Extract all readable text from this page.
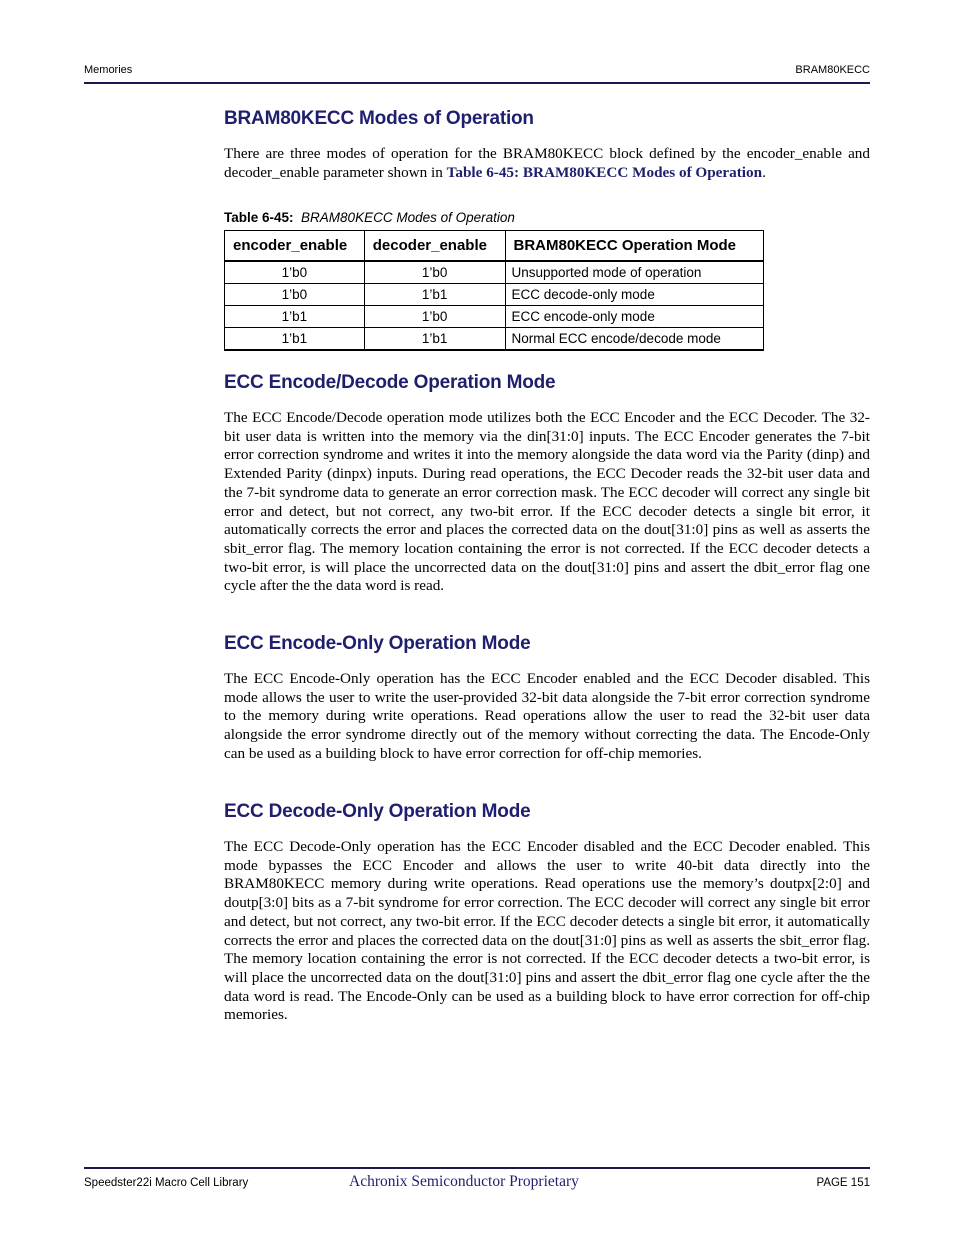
Memories	BRAM80KECC
BRAM80KECC Modes of Operation

There are three modes of operation for the BRAM80KECC block defined by the encoder_enable and decoder_enable parameter shown in Table 6-45: BRAM80KECC Modes of Operation.

Table 6-45: BRAM80KECC Modes of Operation
encoder_enable	decoder_enable	BRAM80KECC Operation Mode
1’b0	1’b0	Unsupported mode of operation
1’b0	1’b1	ECC decode-only mode
1’b1	1’b0	ECC encode-only mode
1’b1	1’b1	Normal ECC encode/decode mode
ECC Encode/Decode Operation Mode

The ECC Encode/Decode operation mode utilizes both the ECC Encoder and the ECC Decoder. The 32-bit user data is written into the memory via the din[31:0] inputs. The ECC Encoder generates the 7-bit error correction syndrome and writes it into the memory alongside the data word via the Parity (dinp) and Extended Parity (dinpx) inputs. During read operations, the ECC Decoder reads the 32-bit user data and the 7-bit syndrome data to generate an error correction mask. The ECC decoder will correct any single bit error and detect, but not correct, any two-bit error. If the ECC decoder detects a single bit error, it automatically corrects the error and places the corrected data on the dout[31:0] pins as well as asserts the sbit_error flag. The memory location containing the error is not corrected. If the ECC decoder detects a two-bit error, is will place the uncorrected data on the dout[31:0] pins and assert the dbit_error flag one cycle after the the data word is read.

ECC Encode-Only Operation Mode

The ECC Encode-Only operation has the ECC Encoder enabled and the ECC Decoder disabled. This mode allows the user to write the user-provided 32-bit data alongside the 7-bit error correction syndrome to the memory during write operations. Read operations allow the user to read the 32-bit user data alongside the error syndrome directly out of the memory without correcting the data. The Encode-Only can be used as a building block to have error correction for off-chip memories.

ECC Decode-Only Operation Mode

The ECC Decode-Only operation has the ECC Encoder disabled and the ECC Decoder enabled. This mode bypasses the ECC Encoder and allows the user to write 40-bit data directly into the BRAM80KECC memory during write operations. Read operations use the memory’s doutpx[2:0] and doutp[3:0] bits as a 7-bit syndrome for error correction. The ECC decoder will correct any single bit error and detect, but not correct, any two-bit error. If the ECC decoder detects a single bit error, it automatically corrects the error and places the corrected data on the dout[31:0] pins as well as asserts the sbit_error flag. The memory location containing the error is not corrected. If the ECC decoder detects a two-bit error, is will place the uncorrected data on the dout[31:0] pins and assert the dbit_error flag one cycle after the the data word is read. The Encode-Only can be used as a building block to have error correction for off-chip memories.

Speedster22i Macro Cell Library	Achronix Semiconductor Proprietary	PAGE 151
